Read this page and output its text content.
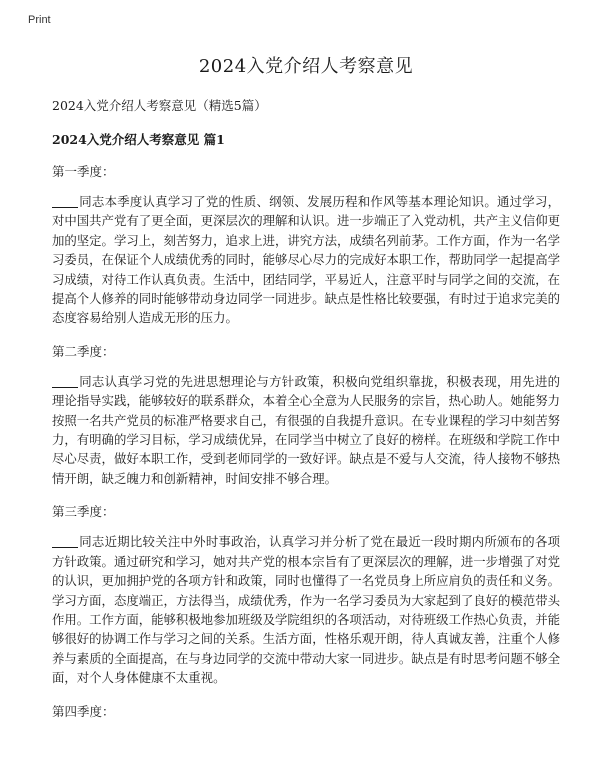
Print
2024入党介绍人考察意见

2024入党介绍人考察意见（精选5篇）

2024入党介绍人考察意见 篇1

第一季度：

同志本季度认真学习了党的性质、纲领、发展历程和作风等基本理论知识。通过学习，对中国共产党有了更全面，更深层次的理解和认识。进一步端正了入党动机，共产主义信仰更加的坚定。学习上，刻苦努力，追求上进，讲究方法，成绩名列前茅。工作方面，作为一名学习委员，在保证个人成绩优秀的同时，能够尽心尽力的完成好本职工作，帮助同学一起提高学习成绩，对待工作认真负责。生活中，团结同学，平易近人，注意平时与同学之间的交流，在提高个人修养的同时能够带动身边同学一同进步。缺点是性格比较要强，有时过于追求完美的态度容易给别人造成无形的压力。

第二季度：

同志认真学习党的先进思想理论与方针政策，积极向党组织靠拢，积极表现，用先进的理论指导实践，能够较好的联系群众，本着全心全意为人民服务的宗旨，热心助人。她能努力按照一名共产党员的标准严格要求自己，有很强的自我提升意识。在专业课程的学习中刻苦努力，有明确的学习目标，学习成绩优异，在同学当中树立了良好的榜样。在班级和学院工作中尽心尽责，做好本职工作，受到老师同学的一致好评。缺点是不爱与人交流，待人接物不够热情开朗，缺乏魄力和创新精神，时间安排不够合理。

第三季度：

同志近期比较关注中外时事政治，认真学习并分析了党在最近一段时期内所颁布的各项方针政策。通过研究和学习，她对共产党的根本宗旨有了更深层次的理解，进一步增强了对党的认识，更加拥护党的各项方针和政策，同时也懂得了一名党员身上所应肩负的责任和义务。学习方面，态度端正，方法得当，成绩优秀，作为一名学习委员为大家起到了良好的模范带头作用。工作方面，能够积极地参加班级及学院组织的各项活动，对待班级工作热心负责，并能够很好的协调工作与学习之间的关系。生活方面，性格乐观开朗，待人真诚友善，注重个人修养与素质的全面提高，在与身边同学的交流中带动大家一同进步。缺点是有时思考问题不够全面，对个人身体健康不太重视。

第四季度：
